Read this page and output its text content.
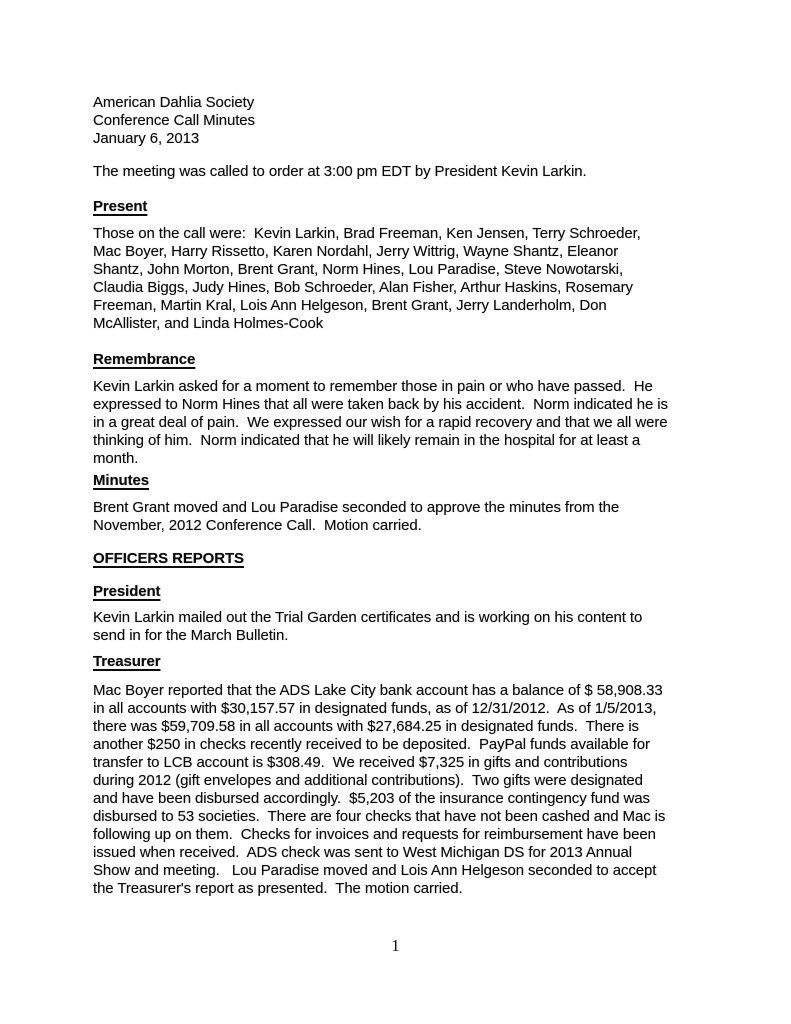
American Dahlia Society
Conference Call Minutes
January 6, 2013
The meeting was called to order at 3:00 pm EDT by President Kevin Larkin.
Present
Those on the call were:  Kevin Larkin, Brad Freeman, Ken Jensen, Terry Schroeder,
Mac Boyer, Harry Rissetto, Karen Nordahl, Jerry Wittrig, Wayne Shantz, Eleanor
Shantz, John Morton, Brent Grant, Norm Hines, Lou Paradise, Steve Nowotarski,
Claudia Biggs, Judy Hines, Bob Schroeder, Alan Fisher, Arthur Haskins, Rosemary
Freeman, Martin Kral, Lois Ann Helgeson, Brent Grant, Jerry Landerholm, Don
McAllister, and Linda Holmes-Cook
Remembrance
Kevin Larkin asked for a moment to remember those in pain or who have passed.  He
expressed to Norm Hines that all were taken back by his accident.  Norm indicated he is
in a great deal of pain.  We expressed our wish for a rapid recovery and that we all were
thinking of him.  Norm indicated that he will likely remain in the hospital for at least a
month.
Minutes
Brent Grant moved and Lou Paradise seconded to approve the minutes from the
November, 2012 Conference Call.  Motion carried.
OFFICERS REPORTS
President
Kevin Larkin mailed out the Trial Garden certificates and is working on his content to
send in for the March Bulletin.
Treasurer
Mac Boyer reported that the ADS Lake City bank account has a balance of $ 58,908.33
in all accounts with $30,157.57 in designated funds, as of 12/31/2012.  As of 1/5/2013,
there was $59,709.58 in all accounts with $27,684.25 in designated funds.  There is
another $250 in checks recently received to be deposited.  PayPal funds available for
transfer to LCB account is $308.49.  We received $7,325 in gifts and contributions
during 2012 (gift envelopes and additional contributions).  Two gifts were designated
and have been disbursed accordingly.  $5,203 of the insurance contingency fund was
disbursed to 53 societies.  There are four checks that have not been cashed and Mac is
following up on them.  Checks for invoices and requests for reimbursement have been
issued when received.  ADS check was sent to West Michigan DS for 2013 Annual
Show and meeting.   Lou Paradise moved and Lois Ann Helgeson seconded to accept
the Treasurer's report as presented.  The motion carried.
1
